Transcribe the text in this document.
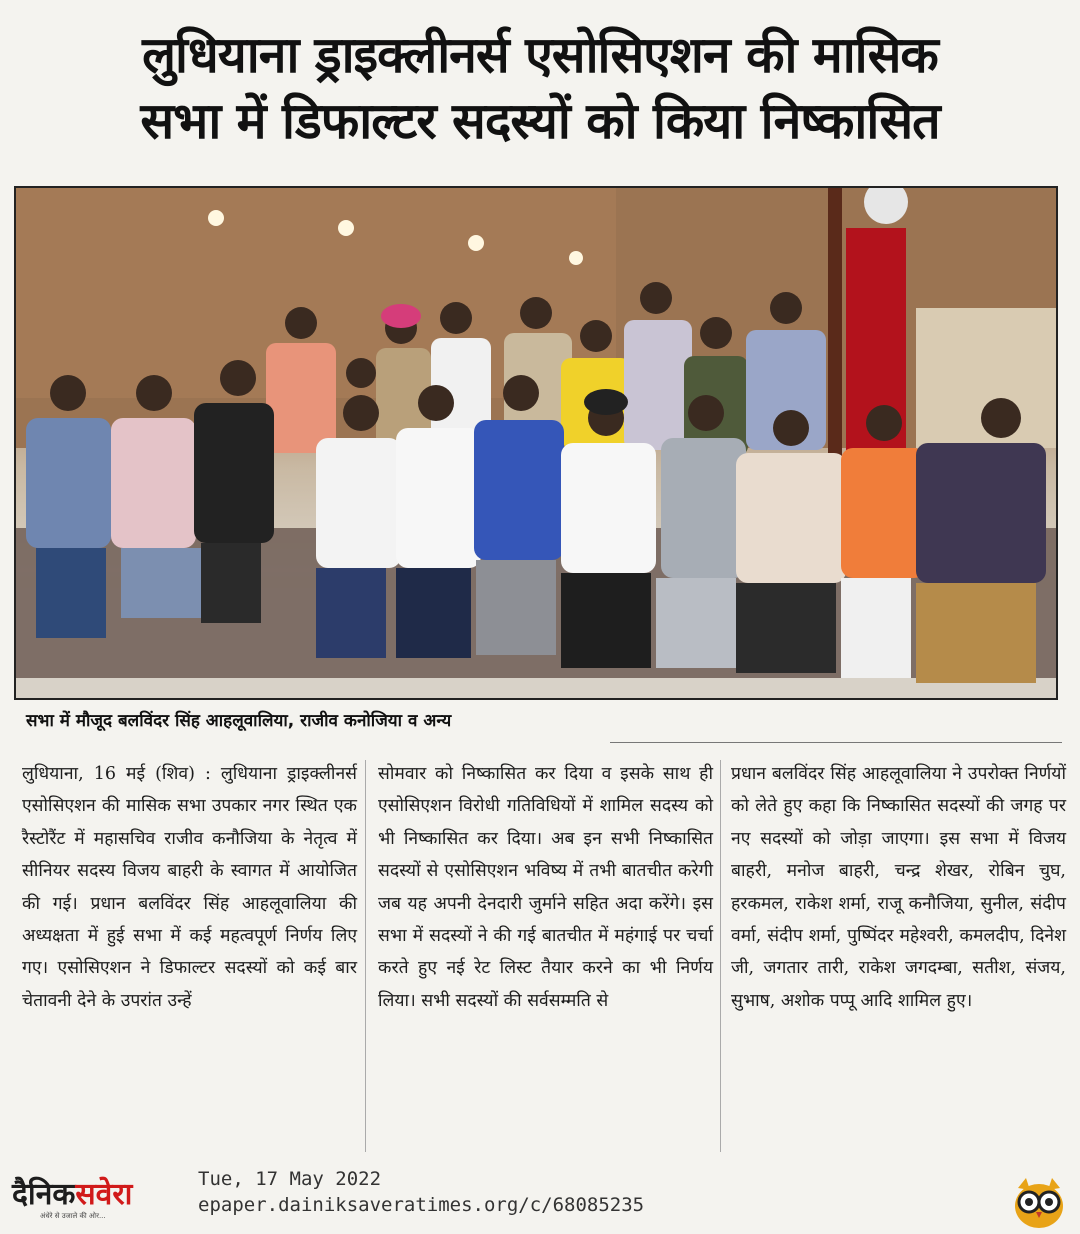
लुधियाना ड्राइक्लीनर्स एसोसिएशन की मासिक
सभा में डिफाल्टर सदस्यों को किया निष्कासित
सभा में मौजूद बलविंदर सिंह आहलूवालिया, राजीव कनोजिया व अन्य
लुधियाना, 16 मई (शिव) : लुधियाना ड्राइक्लीनर्स एसोसिएशन की मासिक सभा उपकार नगर स्थित एक रैस्टोरैंट में महासचिव राजीव कनौजिया के नेतृत्व में सीनियर सदस्य विजय बाहरी के स्वागत में आयोजित की गई। प्रधान बलविंदर सिंह आहलूवालिया की अध्यक्षता में हुई सभा में कई महत्वपूर्ण निर्णय लिए गए। एसोसिएशन ने डिफाल्टर सदस्यों को कई बार चेतावनी देने के उपरांत उन्हें
सोमवार को निष्कासित कर दिया व इसके साथ ही एसोसिएशन विरोधी गतिविधियों में शामिल सदस्य को भी निष्कासित कर दिया। अब इन सभी निष्कासित सदस्यों से एसोसिएशन भविष्य में तभी बातचीत करेगी जब यह अपनी देनदारी जुर्माने सहित अदा करेंगे। इस सभा में सदस्यों ने की गई बातचीत में महंगाई पर चर्चा करते हुए नई रेट लिस्ट तैयार करने का भी निर्णय लिया। सभी सदस्यों की सर्वसम्मति से
प्रधान बलविंदर सिंह आहलूवालिया ने उपरोक्त निर्णयों को लेते हुए कहा कि निष्कासित सदस्यों की जगह पर नए सदस्यों को जोड़ा जाएगा। इस सभा में विजय बाहरी, मनोज बाहरी, चन्द्र शेखर, रोबिन चुघ, हरकमल, राकेश शर्मा, राजू कनौजिया, सुनील, संदीप वर्मा, संदीप शर्मा, पुष्पिंदर महेश्वरी, कमलदीप, दिनेश जी, जगतार तारी, राकेश जगदम्बा, सतीश, संजय, सुभाष, अशोक पप्पू आदि शामिल हुए।
दैनिकसवेरा
अंधेरे से उजाले की ओर...
Tue, 17 May 2022
epaper.dainiksaveratimes.org/c/68085235
